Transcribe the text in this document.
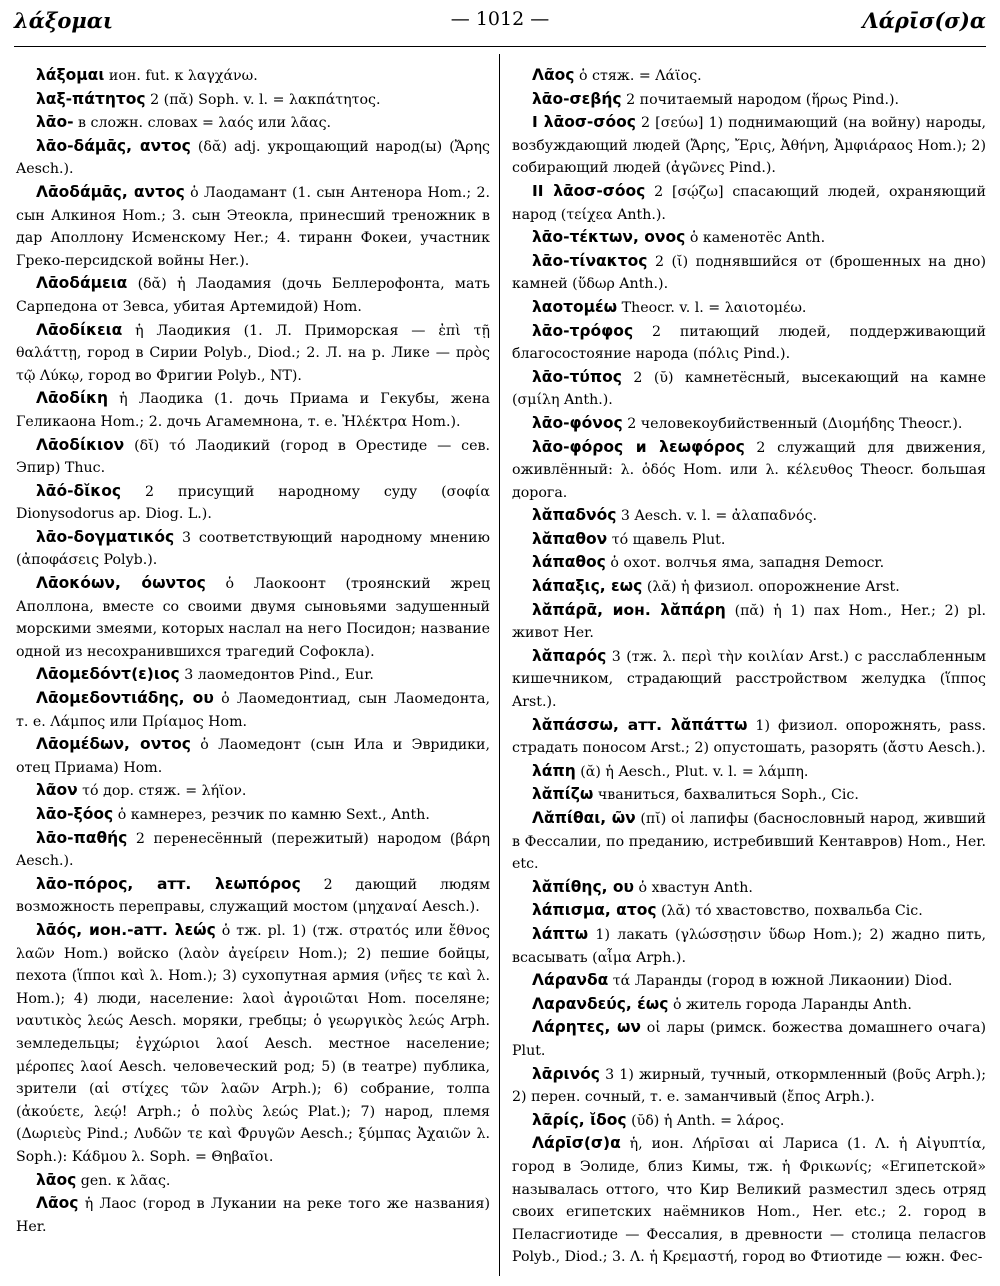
λάξομαι	— 1012 —	Λάρῑσ(σ)α

λάξομαι ион. fut. к λαγχάνω.

λαξ-πάτητος 2 (πᾰ) Soph. v. l. = λακπάτητος.

λᾱο- в сложн. словах = λαός или λᾶας.

λᾱο-δάμᾱς, αντος (δᾰ) adj. укрощающий народ(ы) (Ἄρης Aesch.).

Λᾱοδάμᾱς, αντος ὁ Лаодамант (1. сын Антенора Hom.; 2. сын Алкиноя Hom.; 3. сын Этеокла, принесший треножник в дар Аполлону Исменскому Her.; 4. тиранн Фокеи, участник Греко-персидской войны Her.).

Λᾱοδάμεια (δᾰ) ἡ Лаодамия (дочь Беллерофонта, мать Сарпедона от Зевса, убитая Артемидой) Hom.

Λᾱοδίκεια ἡ Лаодикия (1. Л. Приморская — ἐπὶ τῇ θαλάττῃ, город в Сирии Polyb., Diod.; 2. Л. на р. Лике — πρὸς τῷ Λύκῳ, город во Фригии Polyb., NT).

Λᾱοδίκη ἡ Лаодика (1. дочь Приама и Гекубы, жена Геликаона Hom.; 2. дочь Агамемнона, т. е. Ἠλέκτρα Hom.).

Λᾱοδίκιον (δῐ) τό Лаодикий (город в Орестиде — сев. Эпир) Thuc.

λᾱό-δῐκος 2 присущий народному суду (σοφία Dionysodorus ap. Diog. L.).

λᾱο-δογματικός 3 соответствующий народному мнению (ἀποφάσεις Polyb.).

Λᾱοκόων, όωντος ὁ Лаокоонт (троянский жрец Аполлона, вместе со своими двумя сыновьями задушенный морскими змеями, которых наслал на него Посидон; название одной из несохранившихся трагедий Софокла).

Λᾱομεδόντ(ε)ιος 3 лаомедонтов Pind., Eur.

Λᾱομεδοντιάδης, ου ὁ Лаомедонтиад, сын Лаомедонта, т. е. Λάμπος или Πρίαμος Hom.

Λᾱομέδων, οντος ὁ Лаомедонт (сын Ила и Эвридики, отец Приама) Hom.

λᾶον τό дор. стяж. = λήϊον.

λᾱο-ξόος ὁ камнерез, резчик по камню Sext., Anth.

λᾱο-παθής 2 перенесённый (пережитый) народом (βάρη Aesch.).

λᾱο-πόρος, атт. λεωπόρος 2 дающий людям возможность переправы, служащий мостом (μηχαναί Aesch.).

λᾱός, ион.-атт. λεώς ὁ тж. pl. 1) (тж. στρατός или ἔθνος λαῶν Hom.) войско (λαὸν ἀγείρειν Hom.); 2) пешие бойцы, пехота (ἵπποι καὶ λ. Hom.); 3) сухопутная армия (νῆες τε καὶ λ. Hom.); 4) люди, население: λαοὶ ἀγροιῶται Hom. поселяне; ναυτικὸς λεώς Aesch. моряки, гребцы; ὁ γεωργικὸς λεώς Arph. земледельцы; ἐγχώριοι λαοί Aesch. местное население; μέροπες λαοί Aesch. человеческий род; 5) (в театре) публика, зрители (αἱ στίχες τῶν λαῶν Arph.); 6) собрание, толпа (ἀκούετε, λεῴ! Arph.; ὁ πολὺς λεώς Plat.); 7) народ, племя (Δωριεὺς Pind.; Λυδῶν τε καὶ Φρυγῶν Aesch.; ξύμπας Ἀχαιῶν λ. Soph.): Κάδμου λ. Soph. = Θηβαῖοι.

λᾱος gen. к λᾶας.

Λᾶος ἡ Лаос (город в Лукании на реке того же названия) Her.

Λᾶος ὁ стяж. = Λάϊος.

λᾱο-σεβής 2 почитаемый народом (ἥρως Pind.).

I λᾱοσ-σόος 2 [σεύω] 1) поднимающий (на войну) народы, возбуждающий людей (Ἄρης, Ἔρις, Ἀθήνη, Ἀμφιάραος Hom.); 2) собирающий людей (ἀγῶνες Pind.).

II λᾱοσ-σόος 2 [σῴζω] спасающий людей, охраняющий народ (τείχεα Anth.).

λᾱο-τέκτων, ονος ὁ каменотёс Anth.

λᾱο-τίνακτος 2 (ῐ) поднявшийся от (брошенных на дно) камней (ὕδωρ Anth.).

λαοτομέω Theocr. v. l. = λαιοτομέω.

λᾱο-τρόφος 2 питающий людей, поддерживающий благосостояние народа (πόλις Pind.).

λᾱο-τύπος 2 (ῠ) камнетёсный, высекающий на камне (σμίλη Anth.).

λᾱο-φόνος 2 человекоубийственный (Διομήδης Theocr.).

λᾱο-φόρος и λεωφόρος 2 служащий для движения, оживлённый: λ. ὁδός Hom. или λ. κέλευθος Theocr. большая дорога.

λᾰπαδνός 3 Aesch. v. l. = ἀλαπαδνός.

λᾰπαθον τό щавель Plut.

λάπαθος ὁ охот. волчья яма, западня Democr.

λάπαξις, εως (λᾰ) ἡ физиол. опорожнение Arst.

λᾰπάρᾱ, ион. λᾰπάρη (πᾰ) ἡ 1) пах Hom., Her.; 2) pl. живот Her.

λᾰπαρός 3 (тж. λ. περὶ τὴν κοιλίαν Arst.) с расслабленным кишечником, страдающий расстройством желудка (ἵππος Arst.).

λᾰπάσσω, атт. λᾰπάττω 1) физиол. опорожнять, pass. страдать поносом Arst.; 2) опустошать, разорять (ἄστυ Aesch.).

λάπη (ᾰ) ἡ Aesch., Plut. v. l. = λάμπη.

λᾰπίζω чваниться, бахвалиться Soph., Cic.

Λᾰπίθαι, ῶν (πῐ) οἱ лапифы (баснословный народ, живший в Фессалии, по преданию, истребивший Кентавров) Hom., Her. etc.

λᾰπίθης, ου ὁ хвастун Anth.

λάπισμα, ατος (λᾰ) τό хвастовство, похвальба Cic.

λάπτω 1) лакать (γλώσσῃσιν ὕδωρ Hom.); 2) жадно пить, всасывать (αἷμα Arph.).

Λάρανδα τά Ларанды (город в южной Ликаонии) Diod.

Λαρανδεύς, έως ὁ житель города Ларанды Anth.

Λάρητες, ων οἱ лары (римск. божества домашнего очага) Plut.

λᾱρινός 3 1) жирный, тучный, откормленный (βοῦς Arph.); 2) перен. сочный, т. е. заманчивый (ἔπος Arph.).

λᾶρίς, ῐδος (ῠδ) ἡ Anth. = λάρος.

Λάρῑσ(σ)α ἡ, ион. Λήρῑσαι αἱ Лариса (1. Λ. ἡ Αἰγυπτία, город в Эолиде, близ Кимы, тж. ἡ Φρικωνίς; «Египетской» называлась оттого, что Кир Великий разместил здесь отряд своих египетских наёмников Hom., Her. etc.; 2. город в Пеласгиотиде — Фессалия, в древности — столица пеласгов Polyb., Diod.; 3. Λ. ἡ Κρεμαστή, город во Фтиотиде — южн. Фес-
